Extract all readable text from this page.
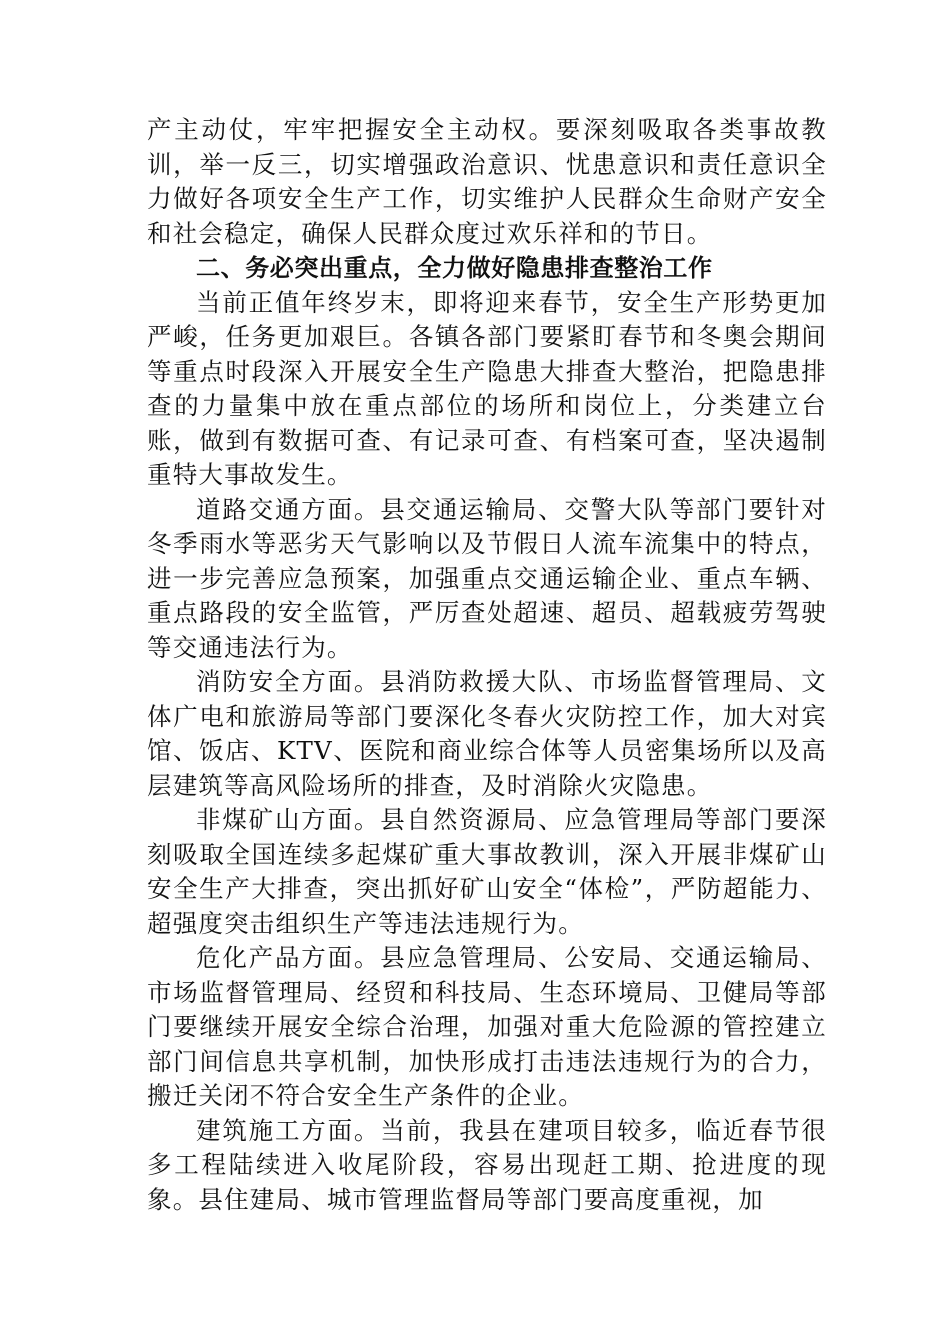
产主动仗，牢牢把握安全主动权。要深刻吸取各类事故教训，举一反三，切实增强政治意识、忧患意识和责任意识全力做好各项安全生产工作，切实维护人民群众生命财产安全和社会稳定，确保人民群众度过欢乐祥和的节日。

二、务必突出重点，全力做好隐患排查整治工作

当前正值年终岁末，即将迎来春节，安全生产形势更加严峻，任务更加艰巨。各镇各部门要紧盯春节和冬奥会期间等重点时段深入开展安全生产隐患大排查大整治，把隐患排查的力量集中放在重点部位的场所和岗位上，分类建立台账，做到有数据可查、有记录可查、有档案可查，坚决遏制重特大事故发生。

道路交通方面。县交通运输局、交警大队等部门要针对冬季雨水等恶劣天气影响以及节假日人流车流集中的特点，进一步完善应急预案，加强重点交通运输企业、重点车辆、重点路段的安全监管，严厉查处超速、超员、超载疲劳驾驶等交通违法行为。

消防安全方面。县消防救援大队、市场监督管理局、文体广电和旅游局等部门要深化冬春火灾防控工作，加大对宾馆、饭店、KTV、医院和商业综合体等人员密集场所以及高层建筑等高风险场所的排查，及时消除火灾隐患。

非煤矿山方面。县自然资源局、应急管理局等部门要深刻吸取全国连续多起煤矿重大事故教训，深入开展非煤矿山安全生产大排查，突出抓好矿山安全“体检”，严防超能力、超强度突击组织生产等违法违规行为。

危化产品方面。县应急管理局、公安局、交通运输局、市场监督管理局、经贸和科技局、生态环境局、卫健局等部门要继续开展安全综合治理，加强对重大危险源的管控建立部门间信息共享机制，加快形成打击违法违规行为的合力，搬迁关闭不符合安全生产条件的企业。

建筑施工方面。当前，我县在建项目较多，临近春节很多工程陆续进入收尾阶段，容易出现赶工期、抢进度的现象。县住建局、城市管理监督局等部门要高度重视，加
